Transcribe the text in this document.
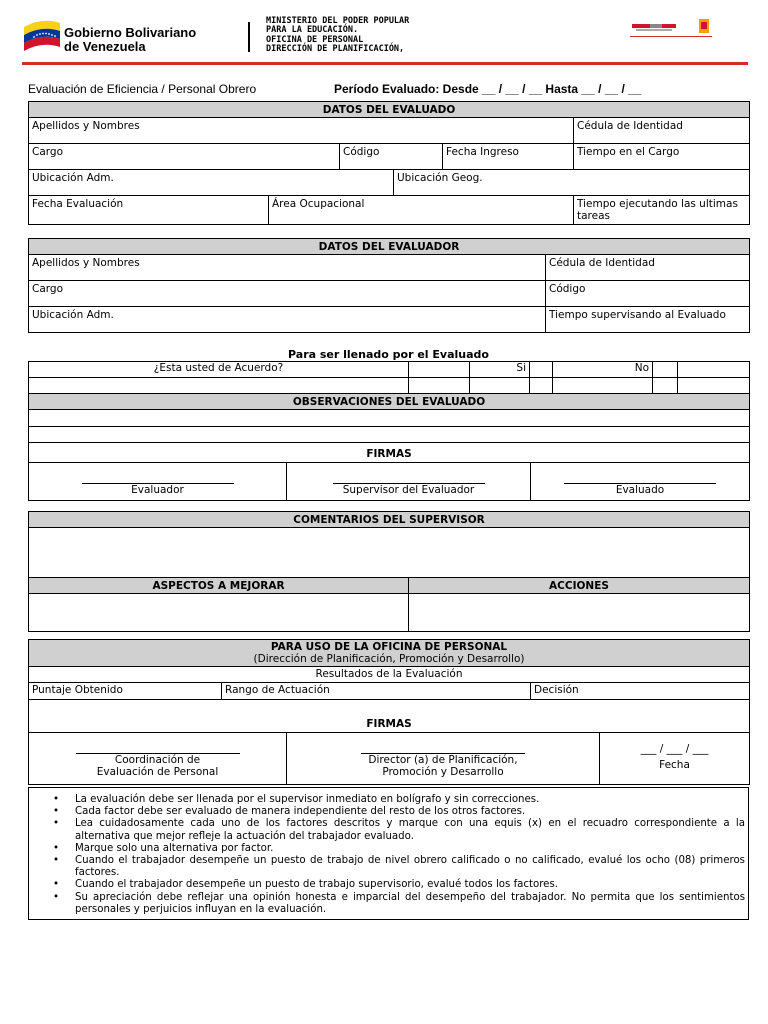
Gobierno Bolivariano
de Venezuela
MINISTERIO DEL PODER POPULAR
PARA LA EDUCACIÓN.
OFICINA DE PERSONAL
DIRECCIÓN DE PLANIFICACIÓN,
Evaluación de Eficiencia / Personal Obrero	Período Evaluado: Desde __ / __ / __ Hasta __ / __ / __
DATOS DEL EVALUADO					
Apellidos y Nombres					Cédula de Identidad
Cargo		Código		Fecha Ingreso	Tiempo en el Cargo
Ubicación Adm.			Ubicación Geog.		
Fecha Evaluación	Área Ocupacional				Tiempo ejecutando las ultimas tareas
DATOS DEL EVALUADOR	
Apellidos y Nombres	Cédula de Identidad
Cargo	Código
Ubicación Adm.	Tiempo supervisando al Evaluado
Para ser llenado por el Evaluado
¿Esta usted de Acuerdo?		Si		No		

OBSERVACIONES DEL EVALUADO

FIRMAS

Evaluador	Supervisor del Evaluador	Evaluado
COMENTARIOS DEL SUPERVISOR	

ASPECTOS A MEJORAR	ACCIONES

PARA USO DE LA OFICINA DE PERSONAL
(Dirección de Planificación, Promoción y Desarrollo)				

Resultados de la Evaluación				
Puntaje Obtenido	Rango de Actuación		Decisión	
FIRMAS				

Coordinación de
Evaluación de Personal		Director (a) de Planificación,
Promoción y Desarrollo		___ / ___ / ___
Fecha
• La evaluación debe ser llenada por el supervisor inmediato en bolígrafo y sin correcciones.
• Cada factor debe ser evaluado de manera independiente del resto de los otros factores.
• Lea cuidadosamente cada uno de los factores descritos y marque con una equis (x) en el recuadro correspondiente a la alternativa que mejor refleje la actuación del trabajador evaluado.
• Marque solo una alternativa por factor.
• Cuando el trabajador desempeñe un puesto de trabajo de nivel obrero calificado o no calificado, evalué los ocho (08) primeros factores.
• Cuando el trabajador desempeñe un puesto de trabajo supervisorio, evalué todos los factores.
• Su apreciación debe reflejar una opinión honesta e imparcial del desempeño del trabajador. No permita que los sentimientos personales y perjuicios influyan en la evaluación.
